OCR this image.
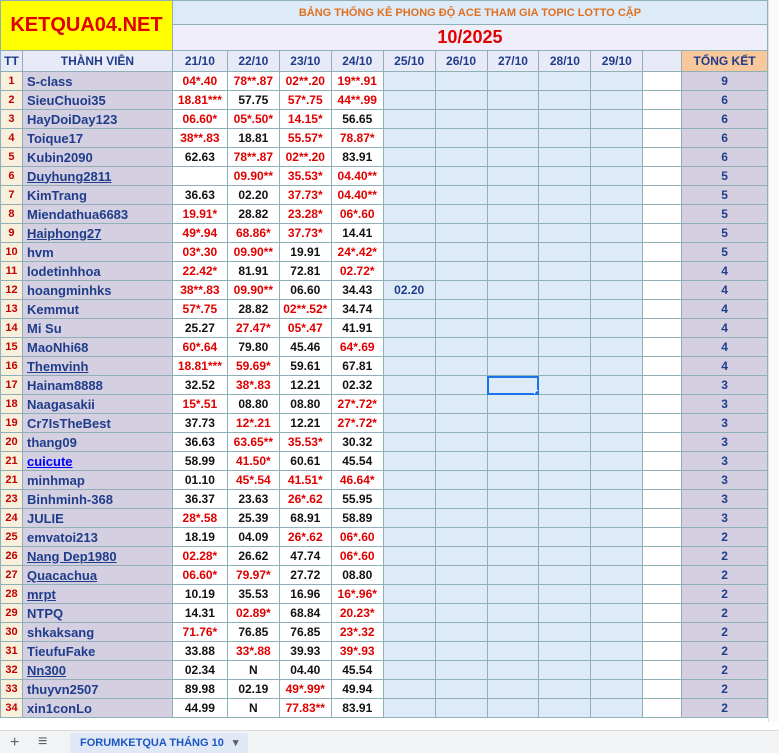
KETQUA04.NET		BẢNG THỐNG KÊ PHONG ĐỘ ACE THAM GIA TOPIC LOTTO CẶP										
		10/2025										
TT	THÀNH VIÊN	21/10	22/10	23/10	24/10	25/10	26/10	27/10	28/10	29/10		TỔNG KẾT
1	S-class	04*.40	78**.87	02**.20	19**.91							9
2	SieuChuoi35	18.81***	57.75	57*.75	44**.99							6
3	HayDoiDay123	06.60*	05*.50*	14.15*	56.65							6
4	Toique17	38**.83	18.81	55.57*	78.87*							6
5	Kubin2090	62.63	78**.87	02**.20	83.91							6
6	Duyhung2811		09.90**	35.53*	04.40**							5
7	KimTrang	36.63	02.20	37.73*	04.40**							5
8	Miendathua6683	19.91*	28.82	23.28*	06*.60							5
9	Haiphong27	49*.94	68.86*	37.73*	14.41							5
10	hvm	03*.30	09.90**	19.91	24*.42*							5
11	lodetinhhoa	22.42*	81.91	72.81	02.72*							4
12	hoangminhks	38**.83	09.90**	06.60	34.43	02.20						4
13	Kemmut	57*.75	28.82	02**.52*	34.74							4
14	Mi Su	25.27	27.47*	05*.47	41.91							4
15	MaoNhi68	60*.64	79.80	45.46	64*.69							4
16	Themvinh	18.81***	59.69*	59.61	67.81							4
17	Hainam8888	32.52	38*.83	12.21	02.32							3
18	Naagasakii	15*.51	08.80	08.80	27*.72*							3
19	Cr7IsTheBest	37.73	12*.21	12.21	27*.72*							3
20	thang09	36.63	63.65**	35.53*	30.32							3
21	cuicute	58.99	41.50*	60.61	45.54							3
21	minhmap	01.10	45*.54	41.51*	46.64*							3
23	Binhminh-368	36.37	23.63	26*.62	55.95							3
24	JULIE	28*.58	25.39	68.91	58.89							3
25	emvatoi213	18.19	04.09	26*.62	06*.60							2
26	Nang Dep1980	02.28*	26.62	47.74	06*.60							2
27	Quacachua	06.60*	79.97*	27.72	08.80							2
28	mrpt	10.19	35.53	16.96	16*.96*							2
29	NTPQ	14.31	02.89*	68.84	20.23*							2
30	shkaksang	71.76*	76.85	76.85	23*.32							2
31	TieufuFake	33.88	33*.88	39.93	39*.93							2
32	Nn300	02.34	N	04.40	45.54							2
33	thuyvn2507	89.98	02.19	49*.99*	49.94							2
34	xin1conLo	44.99	N	77.83**	83.91							2
+ ≡	FORUMKETQUA THÁNG 10 ▾
